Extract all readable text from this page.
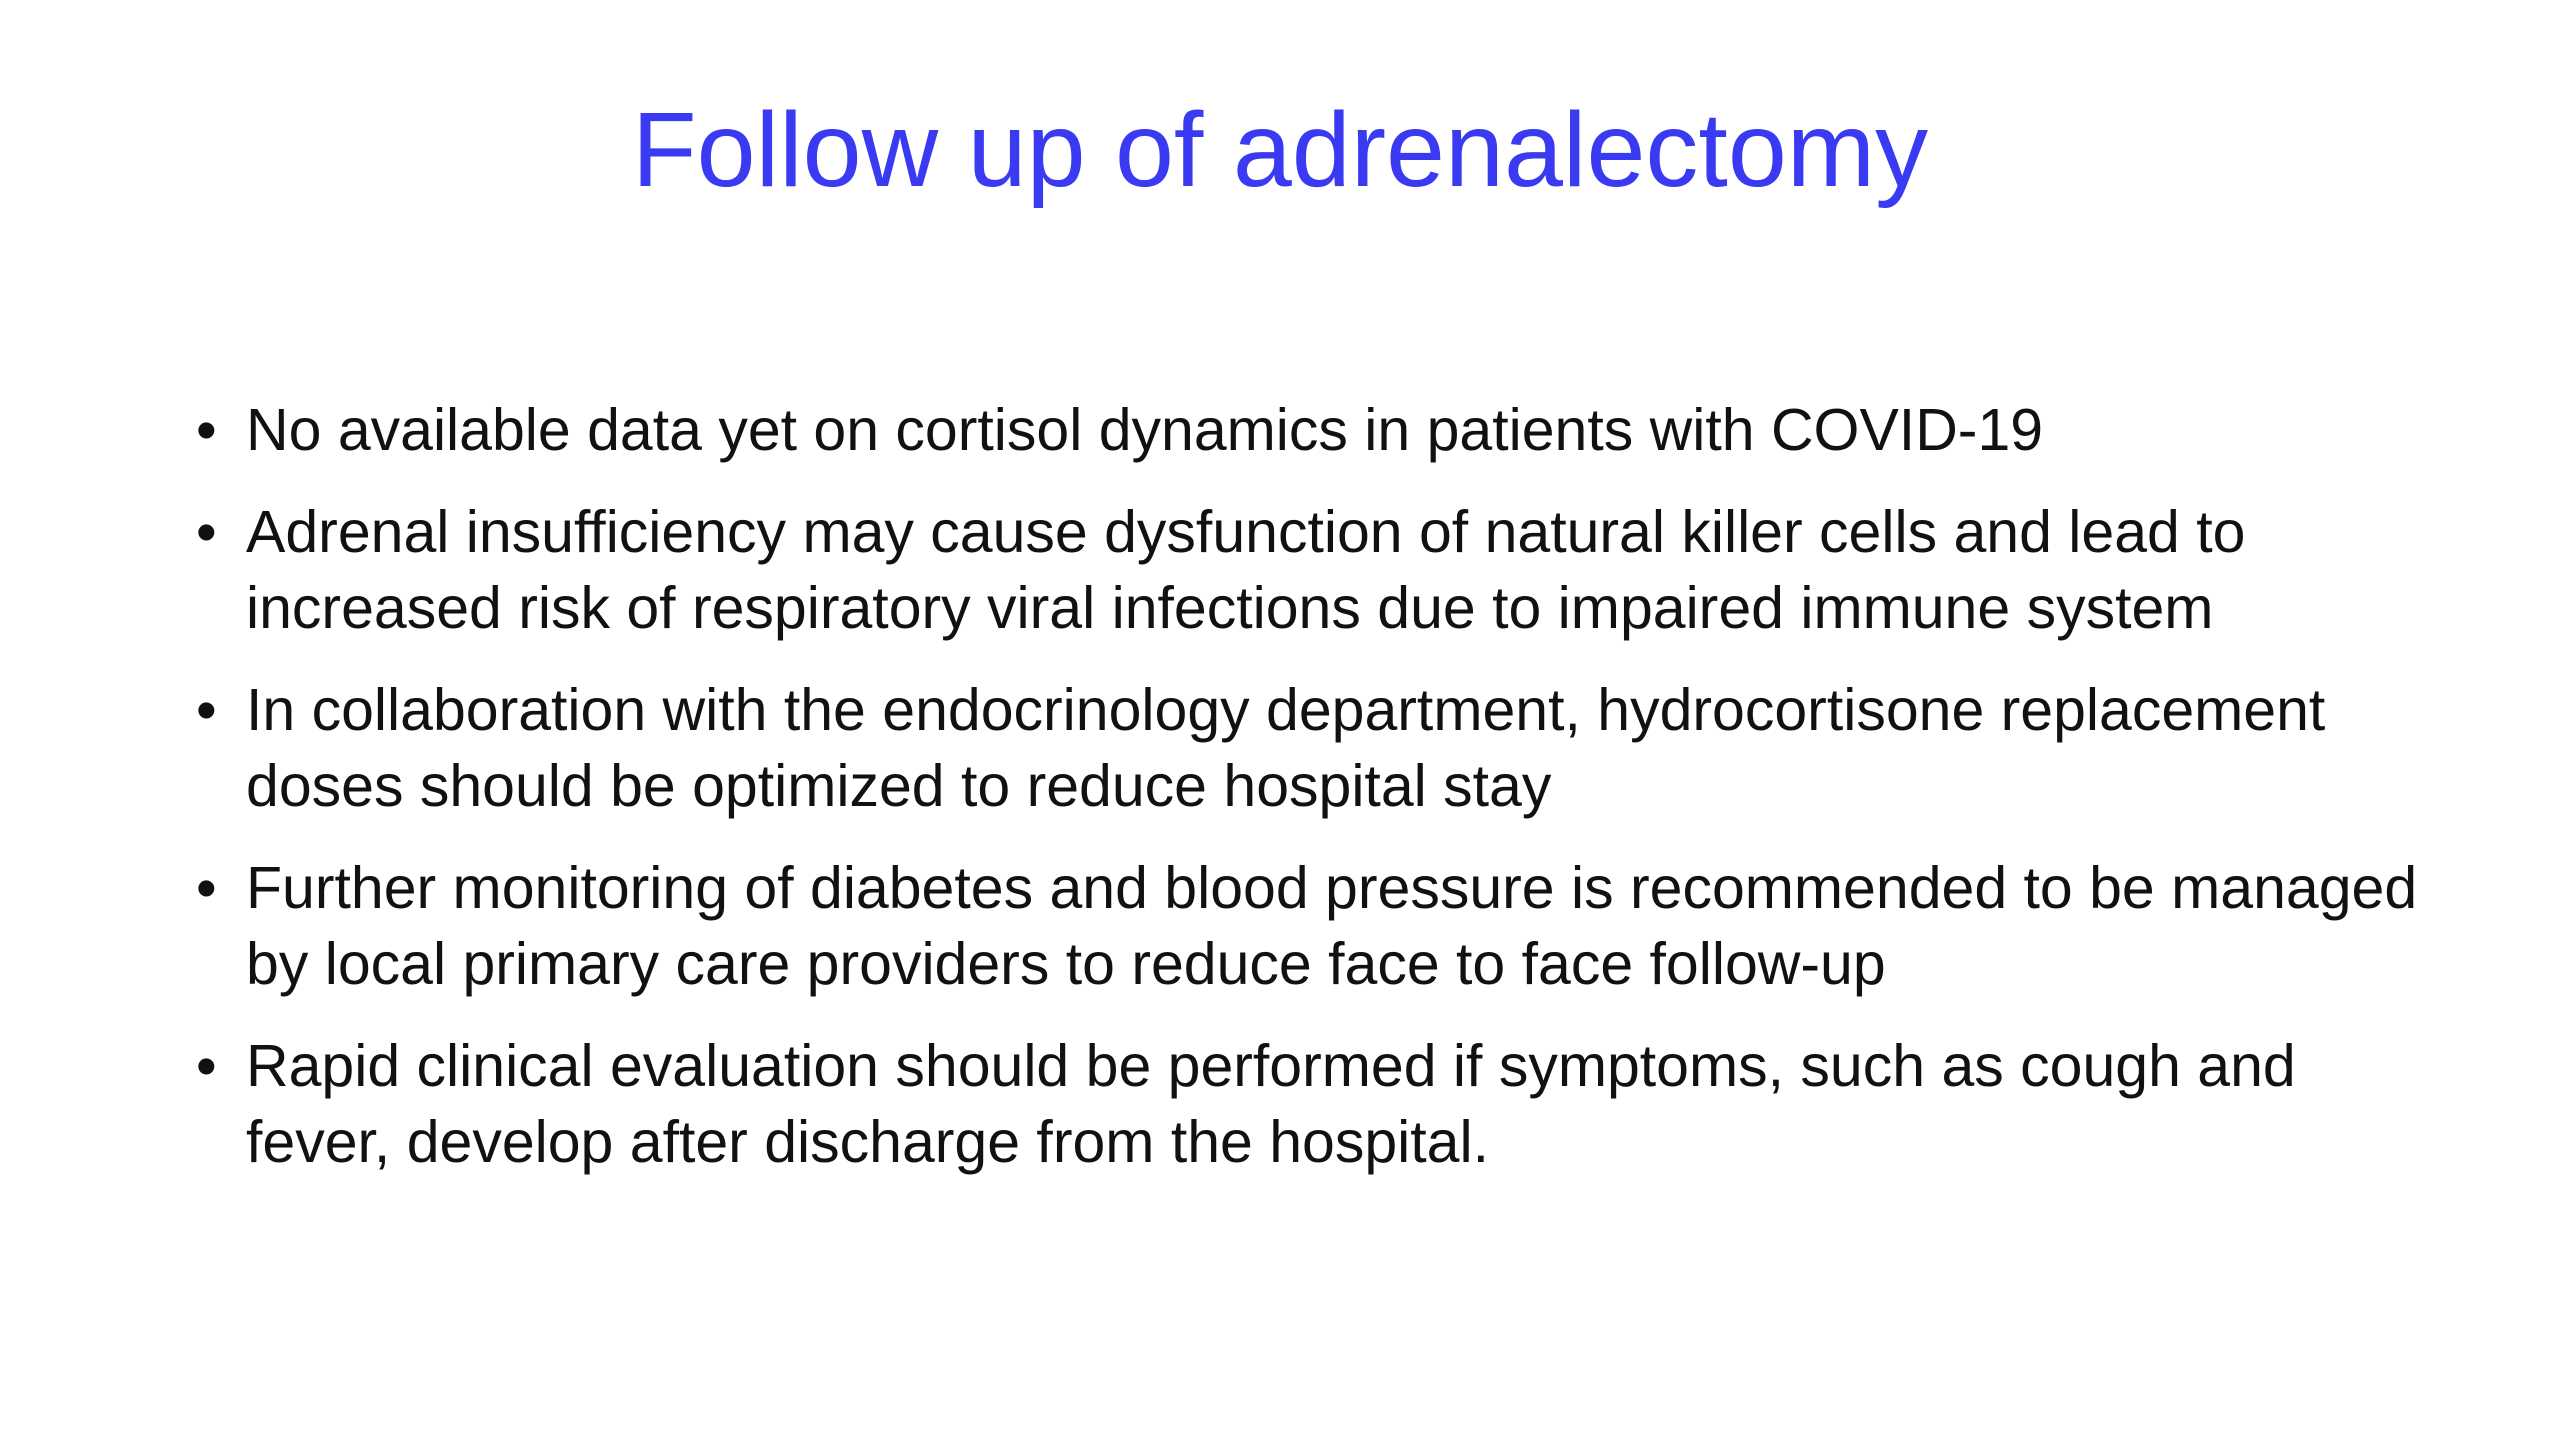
Follow up of adrenalectomy
• No available data yet on cortisol dynamics in patients with COVID-19
• Adrenal insufficiency may cause dysfunction of natural killer cells and lead to increased risk of respiratory viral infections due to impaired immune system
• In collaboration with the endocrinology department, hydrocortisone replacement doses should be optimized to reduce hospital stay
• Further monitoring of diabetes and blood pressure is recommended to be managed by local primary care providers to reduce face to face follow-up
• Rapid clinical evaluation should be performed if symptoms, such as cough and fever, develop after discharge from the hospital.
